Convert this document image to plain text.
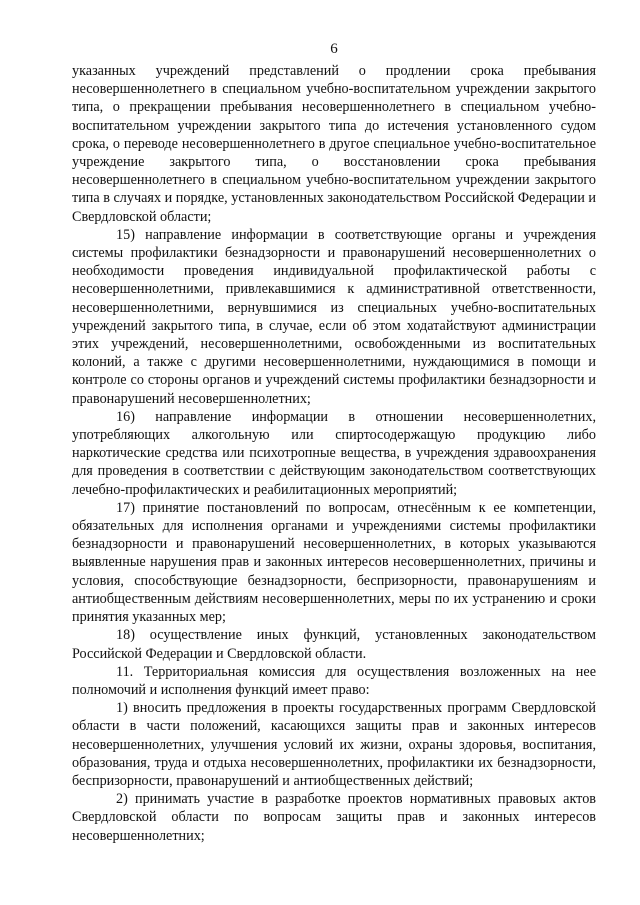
6

указанных учреждений представлений о продлении срока пребывания несовершеннолетнего в специальном учебно-воспитательном учреждении закрытого типа, о прекращении пребывания несовершеннолетнего в специальном учебно-воспитательном учреждении закрытого типа до истечения установленного судом срока, о переводе несовершеннолетнего в другое специальное учебно-воспитательное учреждение закрытого типа, о восстановлении срока пребывания несовершеннолетнего в специальном учебно-воспитательном учреждении закрытого типа в случаях и порядке, установленных законодательством Российской Федерации и Свердловской области;

15) направление информации в соответствующие органы и учреждения системы профилактики безнадзорности и правонарушений несовершеннолетних о необходимости проведения индивидуальной профилактической работы с несовершеннолетними, привлекавшимися к административной ответственности, несовершеннолетними, вернувшимися из специальных учебно-воспитательных учреждений закрытого типа, в случае, если об этом ходатайствуют администрации этих учреждений, несовершеннолетними, освобожденными из воспитательных колоний, а также с другими несовершеннолетними, нуждающимися в помощи и контроле со стороны органов и учреждений системы профилактики безнадзорности и правонарушений несовершеннолетних;

16) направление информации в отношении несовершеннолетних, употребляющих алкогольную или спиртосодержащую продукцию либо наркотические средства или психотропные вещества, в учреждения здравоохранения для проведения в соответствии с действующим законодательством соответствующих лечебно-профилактических и реабилитационных мероприятий;

17) принятие постановлений по вопросам, отнесённым к ее компетенции, обязательных для исполнения органами и учреждениями системы профилактики безнадзорности и правонарушений несовершеннолетних, в которых указываются выявленные нарушения прав и законных интересов несовершеннолетних, причины и условия, способствующие безнадзорности, беспризорности, правонарушениям и антиобщественным действиям несовершеннолетних, меры по их устранению и сроки принятия указанных мер;

18) осуществление иных функций, установленных законодательством Российской Федерации и Свердловской области.

11. Территориальная комиссия для осуществления возложенных на нее полномочий и исполнения функций имеет право:

1) вносить предложения в проекты государственных программ Свердловской области в части положений, касающихся защиты прав и законных интересов несовершеннолетних, улучшения условий их жизни, охраны здоровья, воспитания, образования, труда и отдыха несовершеннолетних, профилактики их безнадзорности, беспризорности, правонарушений и антиобщественных действий;

2) принимать участие в разработке проектов нормативных правовых актов Свердловской области по вопросам защиты прав и законных интересов несовершеннолетних;
